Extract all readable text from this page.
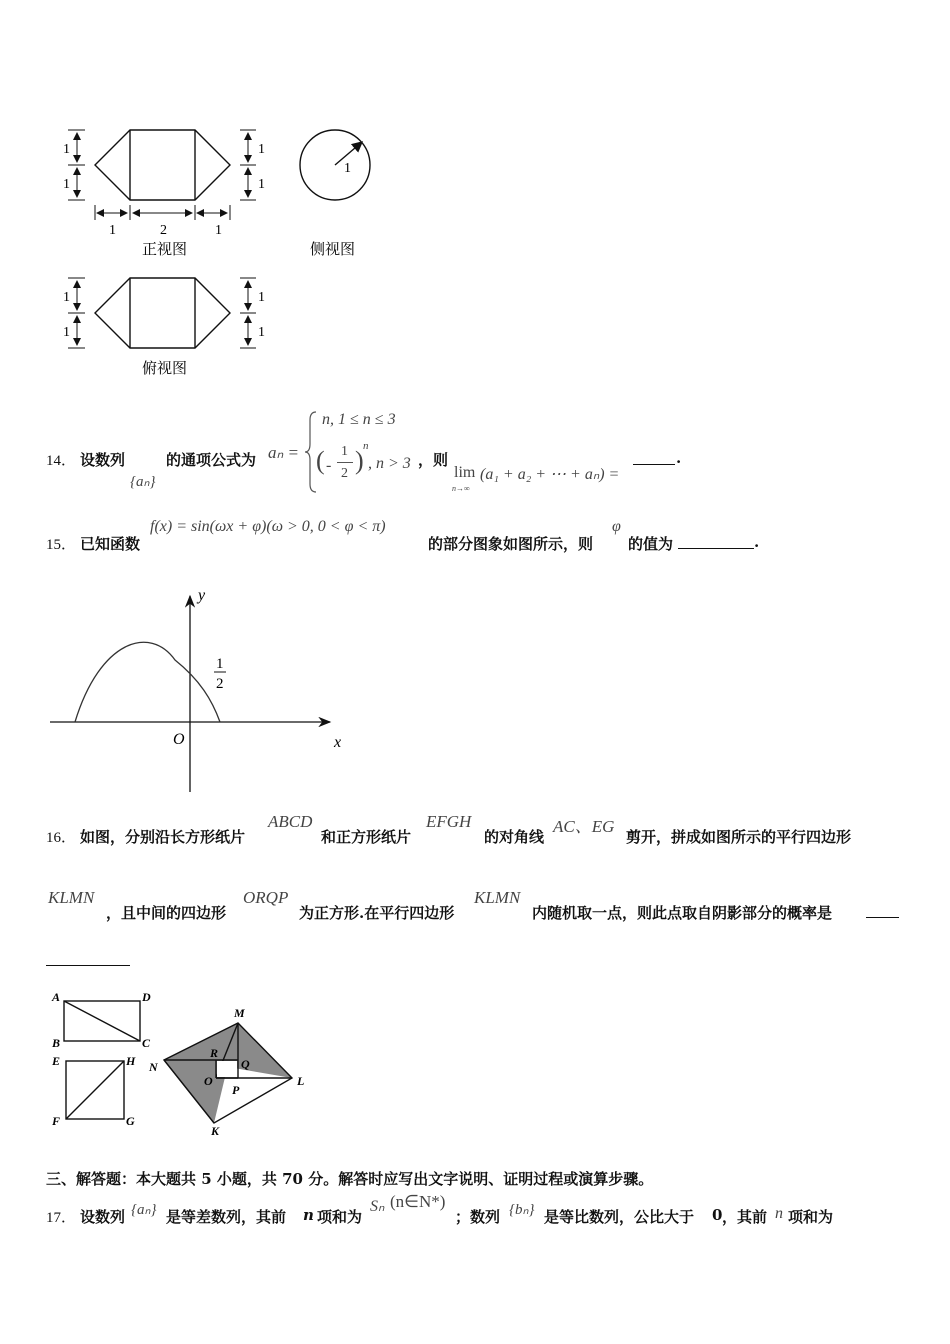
1
1
1
1
1	2	1
正视图
1
侧视图
1
1
1
1
俯视图
14． 设数列
{aₙ}
的通项公式为 aₙ =
n, 1 ≤ n ≤ 3
( -
1
2 ) n
, n > 3 ，则
lim
n→∞
(a₁ + a₂ + ⋯ + aₙ) =
.
15． 已知函数
f(x) = sin(ωx + φ)(ω > 0, 0 < φ < π)
的部分图象如图所示，则
φ
的值为	.
y
x
O
1
2
16． 如图，分别沿长方形纸片
ABCD
和正方形纸片
EFGH
的对角线
AC、EG
剪开，拼成如图所示的平行四边形
KLMN
，且中间的四边形
ORQP
为正方形.在平行四边形
KLMN
内随机取一点，则此点取自阴影部分的概率是
A	D
B	C
E	H
F	G
M
N
L
K
R
Q
O
P
三、解答题：本大题共 5 小题，共 70 分。解答时应写出文字说明、证明过程或演算步骤。
17． 设数列 {aₙ} 是等差数列，其前 n 项和为
Sₙ (n∈N*)
；数列 {bₙ} 是等比数列，公比大于 0 ，其前 n 项和为
